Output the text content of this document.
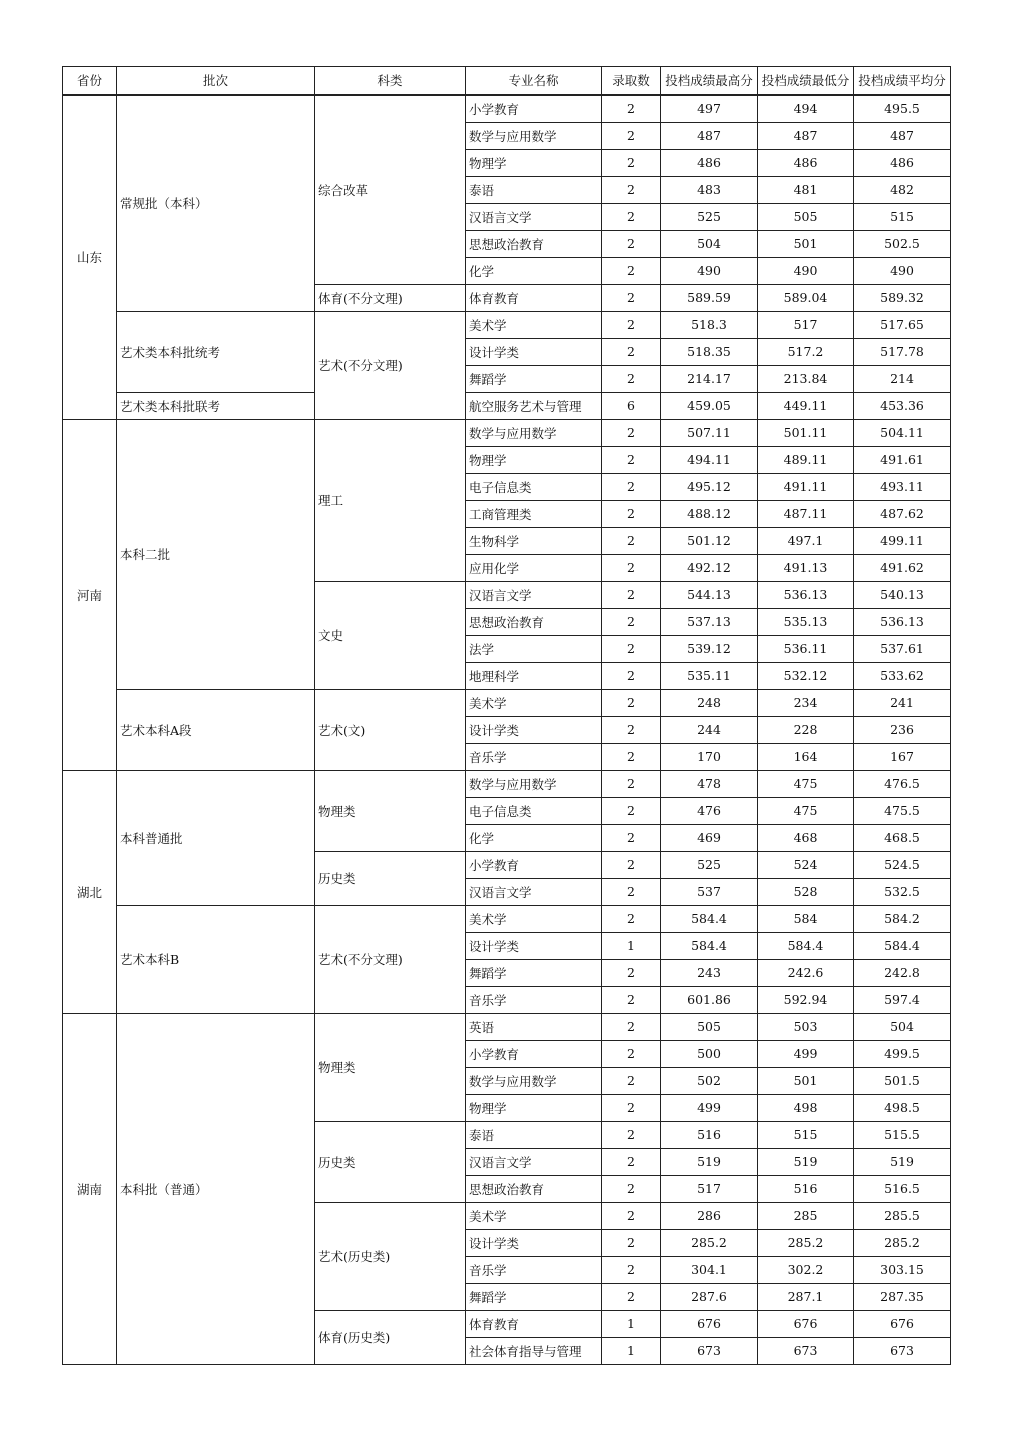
省份	批次	科类	专业名称	录取数	投档成绩最高分	投档成绩最低分	投档成绩平均分
山东	常规批（本科）	综合改革	小学教育	2	497	494	495.5
			数学与应用数学	2	487	487	487
			物理学	2	486	486	486
			泰语	2	483	481	482
			汉语言文学	2	525	505	515
			思想政治教育	2	504	501	502.5
			化学	2	490	490	490
		体育(不分文理)	体育教育	2	589.59	589.04	589.32
	艺术类本科批统考	艺术(不分文理)	美术学	2	518.3	517	517.65
			设计学类	2	518.35	517.2	517.78
			舞蹈学	2	214.17	213.84	214
	艺术类本科批联考		航空服务艺术与管理	6	459.05	449.11	453.36
河南	本科二批	理工	数学与应用数学	2	507.11	501.11	504.11
			物理学	2	494.11	489.11	491.61
			电子信息类	2	495.12	491.11	493.11
			工商管理类	2	488.12	487.11	487.62
			生物科学	2	501.12	497.1	499.11
			应用化学	2	492.12	491.13	491.62
		文史	汉语言文学	2	544.13	536.13	540.13
			思想政治教育	2	537.13	535.13	536.13
			法学	2	539.12	536.11	537.61
			地理科学	2	535.11	532.12	533.62
	艺术本科A段	艺术(文)	美术学	2	248	234	241
			设计学类	2	244	228	236
			音乐学	2	170	164	167
湖北	本科普通批	物理类	数学与应用数学	2	478	475	476.5
			电子信息类	2	476	475	475.5
			化学	2	469	468	468.5
		历史类	小学教育	2	525	524	524.5
			汉语言文学	2	537	528	532.5
	艺术本科B	艺术(不分文理)	美术学	2	584.4	584	584.2
			设计学类	1	584.4	584.4	584.4
			舞蹈学	2	243	242.6	242.8
			音乐学	2	601.86	592.94	597.4
湖南	本科批（普通）	物理类	英语	2	505	503	504
			小学教育	2	500	499	499.5
			数学与应用数学	2	502	501	501.5
			物理学	2	499	498	498.5
		历史类	泰语	2	516	515	515.5
			汉语言文学	2	519	519	519
			思想政治教育	2	517	516	516.5
		艺术(历史类)	美术学	2	286	285	285.5
			设计学类	2	285.2	285.2	285.2
			音乐学	2	304.1	302.2	303.15
			舞蹈学	2	287.6	287.1	287.35
		体育(历史类)	体育教育	1	676	676	676
			社会体育指导与管理	1	673	673	673
